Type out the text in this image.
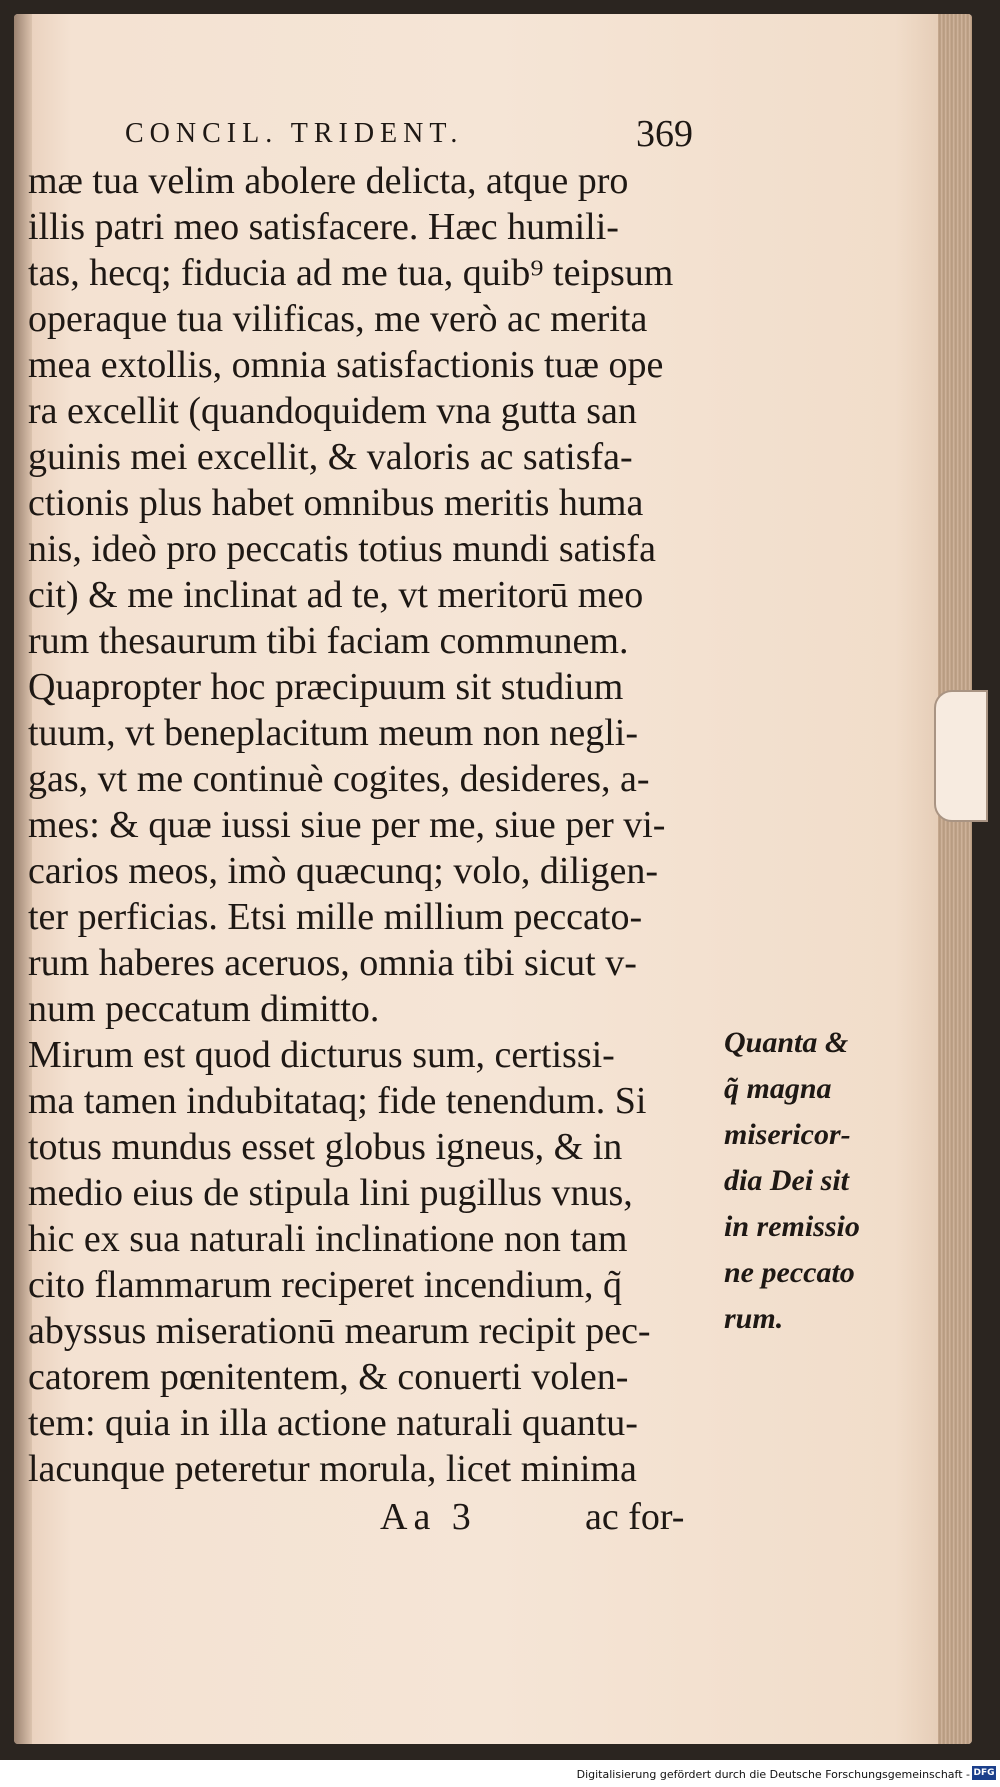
CONCIL. TRIDENT.	369
mæ tua velim abolere delicta, atque pro
illis patri meo satisfacere. Hæc humili-
tas, hecq; fiducia ad me tua, quib⁹ teipsum
operaque tua vilificas, me verò ac merita
mea extollis, omnia satisfactionis tuæ ope
ra excellit (quandoquidem vna gutta san
guinis mei excellit, & valoris ac satisfa-
ctionis plus habet omnibus meritis huma
nis, ideò pro peccatis totius mundi satisfa
cit) & me inclinat ad te, vt meritorū meo
rum thesaurum tibi faciam communem.
Quapropter hoc præcipuum sit studium
tuum, vt beneplacitum meum non negli-
gas, vt me continuè cogites, desideres, a-
mes: & quæ iussi siue per me, siue per vi-
carios meos, imò quæcunq; volo, diligen-
ter perficias. Etsi mille millium peccato-
rum haberes aceruos, omnia tibi sicut v-
num peccatum dimitto.
Mirum est quod dicturus sum, certissi-
ma tamen indubitataq; fide tenendum. Si
totus mundus esset globus igneus, & in
medio eius de stipula lini pugillus vnus,
hic ex sua naturali inclinatione non tam
cito flammarum reciperet incendium, q̃
abyssus miserationū mearum recipit pec-
catorem pœnitentem, & conuerti volen-
tem: quia in illa actione naturali quantu-
lacunque peteretur morula, licet minima
Quanta &
q̃ magna
misericor-
dia Dei sit
in remissio
ne peccato
rum.
Aa 3	ac for-
Digitalisierung gefördert durch die Deutsche Forschungsgemeinschaft - DFG
